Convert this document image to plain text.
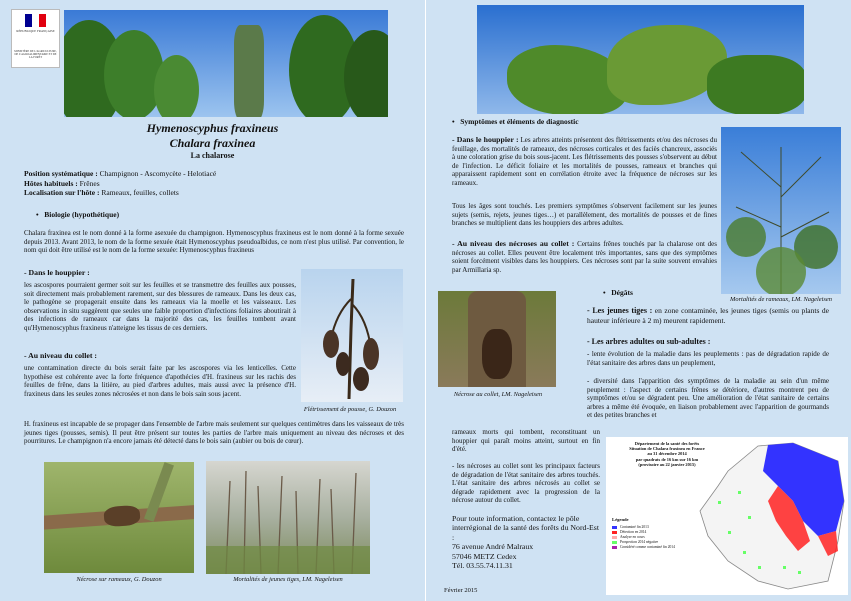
RÉPUBLIQUE FRANÇAISE
MINISTÈRE DE L'AGRICULTURE, DE L'AGROALIMENTAIRE ET DE LA FORÊT
Hymenoscyphus fraxineus
Chalara fraxinea
La chalarose
Position systématique : Champignon - Ascomycète - Helotiacé
Hôtes habituels : Frênes
Localisation sur l'hôte : Rameaux, feuilles, collets
•   Biologie (hypothétique)
Chalara fraxinea est le nom donné à la forme asexuée du champignon. Hymenoscyphus fraxineus est le nom donné à la forme sexuée depuis 2013. Avant 2013, le nom de la forme sexuée était Hymenoscyphus pseudoalbidus, ce nom n'est plus utilisé. Par convention, le nom qui doit être utilisé est le nom de la forme sexuée: Hymenoscyphus fraxineus
- Dans le houppier :
les ascospores pourraient germer soit sur les feuilles et se transmettre des feuilles aux pousses, soit directement mais probablement rarement, sur des blessures de rameaux. Dans les deux cas, le pathogène se propagerait ensuite dans les rameaux via la moelle et les vaisseaux. Les observations in situ suggèrent que seules une faible proportion d'infections foliaires aboutirait à des infections de rameaux car dans la majorité des cas, les feuilles tombent avant qu'Hymenoscyphus fraxineus n'atteigne les tissus de ces derniers.
- Au niveau du collet :
une contamination directe du bois serait faite par les ascospores via les lenticelles. Cette hypothèse est cohérente avec la forte fréquence d'apothécies d'H. fraxineus sur les rachis des feuilles de frêne, dans la litière, au pied d'arbres adultes, mais aussi avec la présence d'H. fraxineus dans les seules zones nécrosées et non dans le bois sain sous jacent.
Flétrissement de pousse, G. Douzon
H. fraxineus est incapable de se propager dans l'ensemble de l'arbre mais seulement sur quelques centimètres dans les vaisseaux de très jeunes tiges (pousses, semis). Il peut être présent sur toutes les parties de l'arbre mais uniquement au niveau des nécroses et des pourritures. Le champignon n'a encore jamais été détecté dans le bois sain (aubier ou bois de cœur).
Nécrose sur rameaux, G. Douzon	Mortalités de jeunes tiges, LM. Nageleisen
•   Symptômes et éléments de diagnostic
- Dans le houppier : Les arbres atteints présentent des flétrissements et/ou des nécroses du feuillage, des mortalités de rameaux, des nécroses corticales et des faciès chancreux, associés à une coloration grise du bois sous-jacent. Les flétrissements des pousses s'observent au début de l'infection. Le déficit foliaire et les mortalités de pousses, rameaux et branches qui apparaissent rapidement sont en corrélation étroite avec la fréquence de nécroses sur les rameaux.
Tous les âges sont touchés. Les premiers symptômes s'observent facilement sur les jeunes sujets (semis, rejets, jeunes tiges…) et parallèlement, des mortalités de pousses et de fines branches se multiplient dans les houppiers des arbres adultes.
- Au niveau des nécroses au collet : Certains frênes touchés par la chalarose ont des nécroses au collet. Elles peuvent être localement très importantes, sans que des symptômes soient forcément visibles dans les houppiers. Ces nécroses sont par la suite souvent envahies par Armillaria sp.
Mortalités de rameaux, LM. Nageleisen
Nécrose au collet, LM. Nageleisen
•   Dégâts
- Les jeunes tiges : en zone contaminée, les jeunes tiges (semis ou plants de hauteur inférieure à 2 m) meurent rapidement.
- Les arbres adultes ou sub-adultes :
- lente évolution de la maladie dans les peuplements : pas de dégradation rapide de l'état sanitaire des arbres dans un peuplement,
- diversité dans l'apparition des symptômes de la maladie au sein d'un même peuplement : l'aspect de certains frênes se détériore, d'autres montrent peu de symptômes et/ou se dégradent peu. Une amélioration de l'état sanitaire de certains arbres a même été évoquée, en liaison probablement avec l'apparition de gourmands et des petites branches et
rameaux morts qui tombent, reconstituant un houppier qui paraît moins atteint, surtout en fin d'été.
- les nécroses au collet sont les principaux facteurs de dégradation de l'état sanitaire des arbres touchés. L'état sanitaire des arbres nécrosés au collet se dégrade rapidement avec la progression de la nécrose autour du collet.
Pour toute information, contactez le pôle interrégional de la santé des forêts du Nord-Est :
76 avenue André Malraux
57046 METZ Cedex
Tél. 03.55.74.11.31
Février 2015
Département de la santé des forêts
Situation de Chalara fraxinea en France
au 31 décembre 2014
par quadrats de 16 km sur 16 km
(provisoire au 22 janvier 2015)
Légende
Contaminé fin 2013
Détection en 2014
Analyse en cours
Prospection 2014 négative
Considéré comme contaminé fin 2014
